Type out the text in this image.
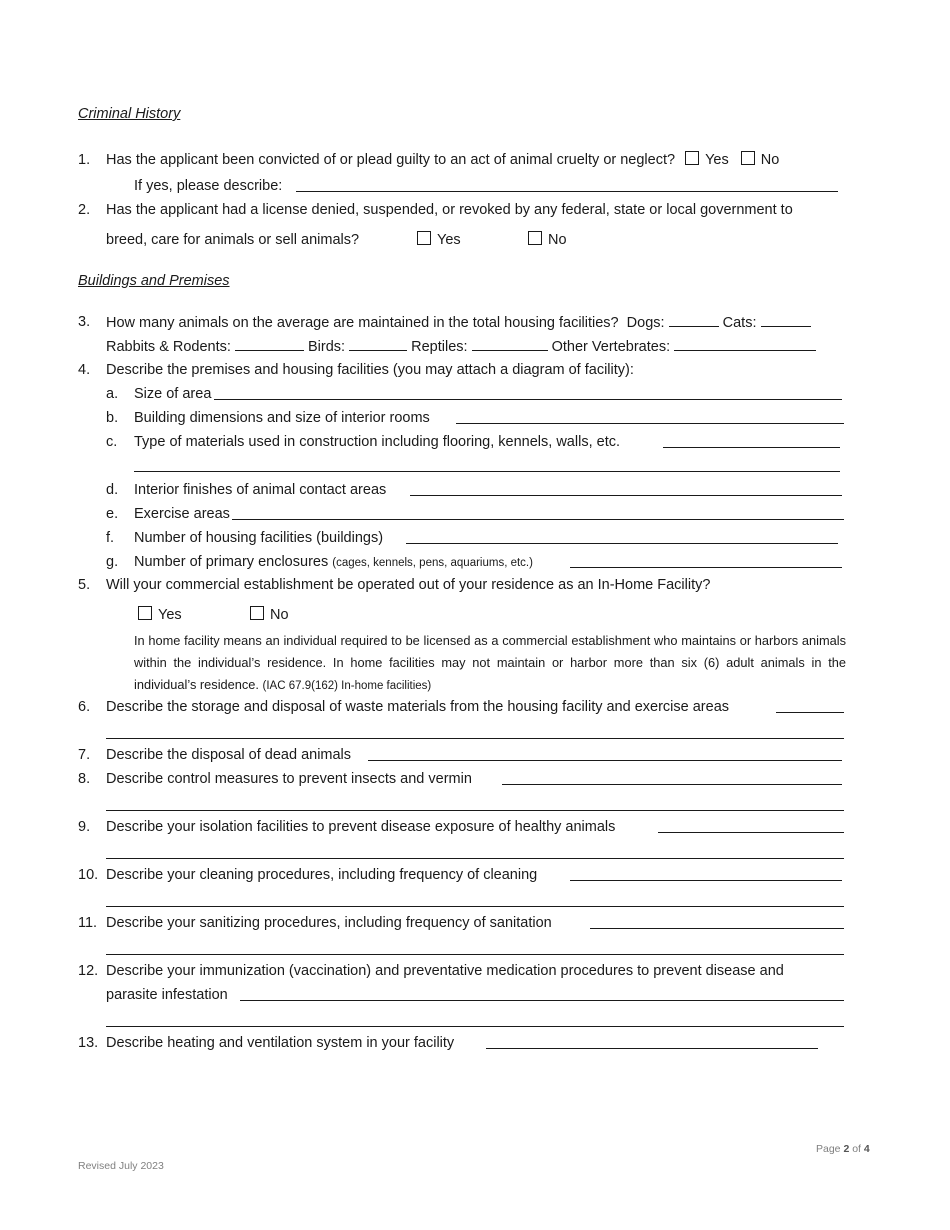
Criminal History
1. Has the applicant been convicted of or plead guilty to an act of animal cruelty or neglect? Yes No
If yes, please describe:
2. Has the applicant had a license denied, suspended, or revoked by any federal, state or local government to
breed, care for animals or sell animals?	Yes	No
Buildings and Premises
3. How many animals on the average are maintained in the total housing facilities? Dogs:	Cats:
Rabbits & Rodents:	Birds:	Reptiles:	Other Vertebrates:
4. Describe the premises and housing facilities (you may attach a diagram of facility):
a. Size of area
b. Building dimensions and size of interior rooms
c. Type of materials used in construction including flooring, kennels, walls, etc.
d. Interior finishes of animal contact areas
e. Exercise areas
f. Number of housing facilities (buildings)
g. Number of primary enclosures (cages, kennels, pens, aquariums, etc.)
5. Will your commercial establishment be operated out of your residence as an In-Home Facility?
Yes	No
In home facility means an individual required to be licensed as a commercial establishment who maintains or harbors animals within the individual’s residence. In home facilities may not maintain or harbor more than six (6) adult animals in the individual’s residence. (IAC 67.9(162) In-home facilities)
6. Describe the storage and disposal of waste materials from the housing facility and exercise areas
7. Describe the disposal of dead animals
8. Describe control measures to prevent insects and vermin
9. Describe your isolation facilities to prevent disease exposure of healthy animals
10. Describe your cleaning procedures, including frequency of cleaning
11. Describe your sanitizing procedures, including frequency of sanitation
12. Describe your immunization (vaccination) and preventative medication procedures to prevent disease and
parasite infestation
13. Describe heating and ventilation system in your facility
Page 2 of 4
Revised July 2023
